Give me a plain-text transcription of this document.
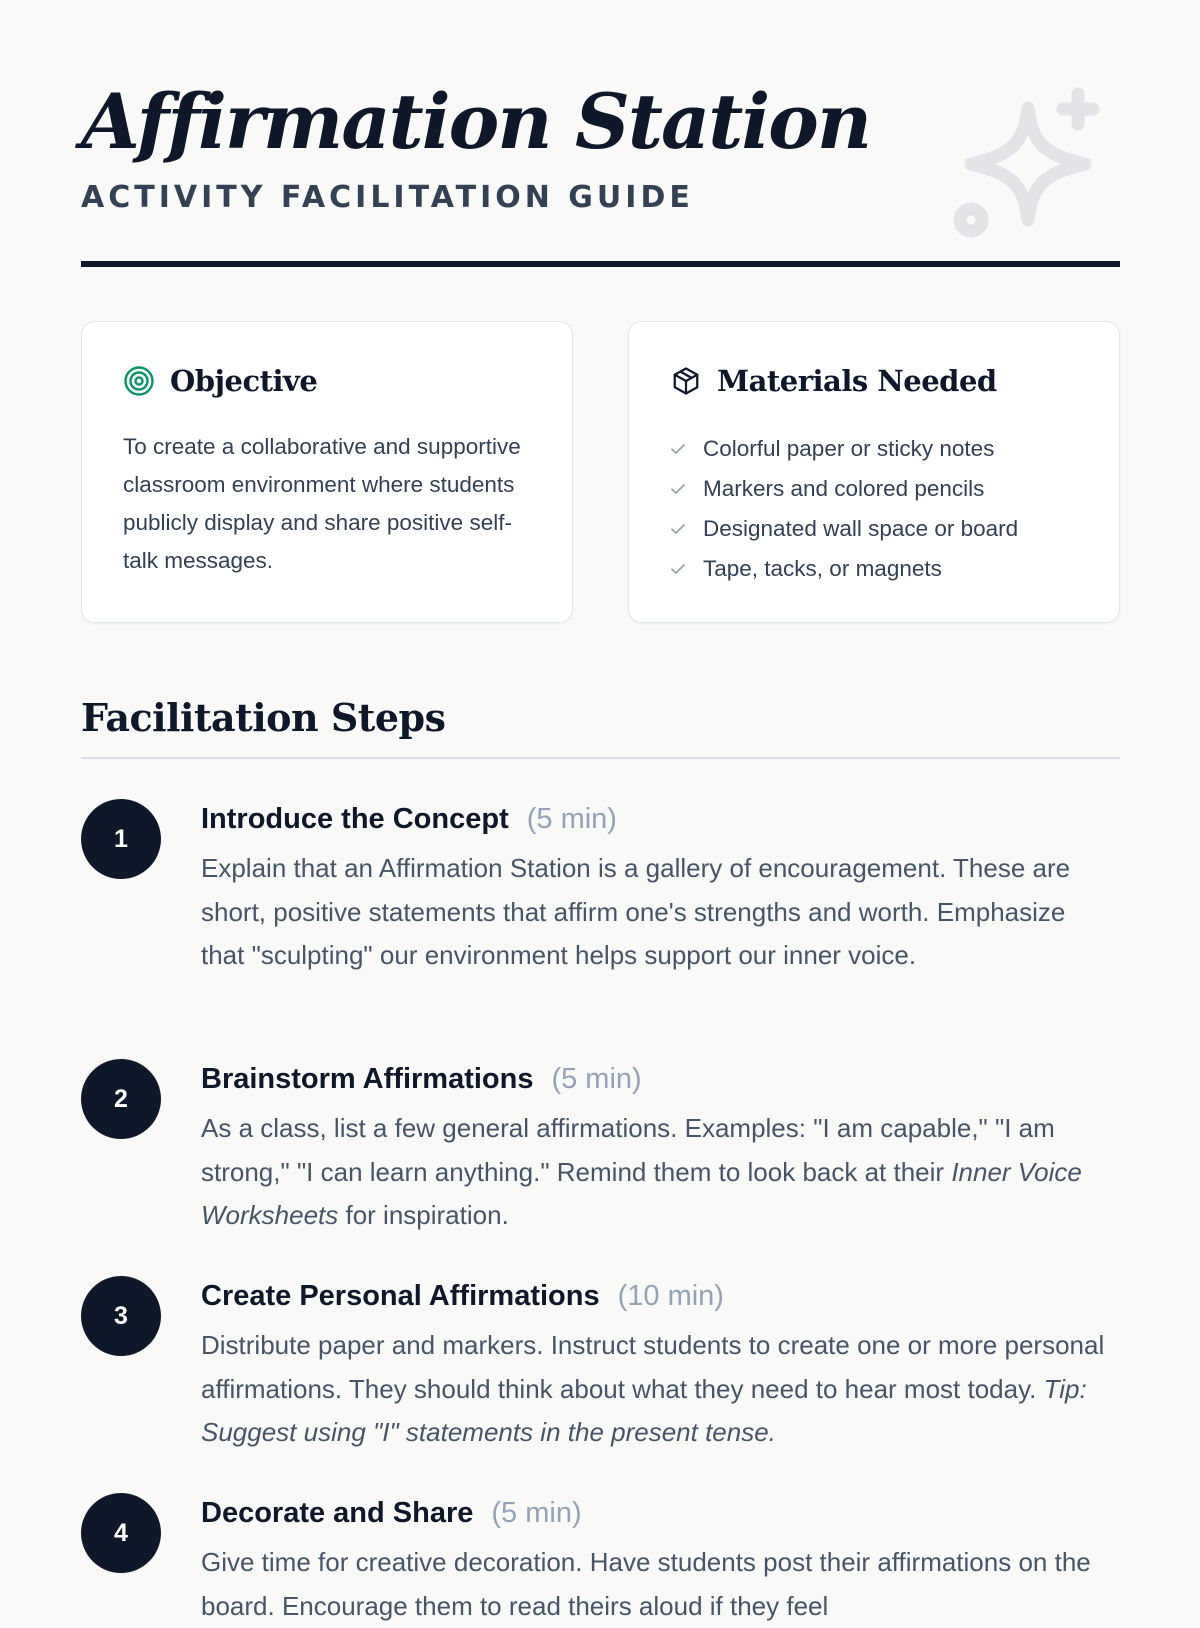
Affirmation Station
ACTIVITY FACILITATION GUIDE
Objective

To create a collaborative and supportive classroom environment where students publicly display and share positive self-talk messages.

Materials Needed
Colorful paper or sticky notes
Markers and colored pencils
Designated wall space or board
Tape, tacks, or magnets
Facilitation Steps
1
Introduce the Concept (5 min)

Explain that an Affirmation Station is a gallery of encouragement. These are short, positive statements that affirm one's strengths and worth. Emphasize that "sculpting" our environment helps support our inner voice.

2
Brainstorm Affirmations (5 min)

As a class, list a few general affirmations. Examples: "I am capable," "I am strong," "I can learn anything." Remind them to look back at their Inner Voice Worksheets for inspiration.

3
Create Personal Affirmations (10 min)

Distribute paper and markers. Instruct students to create one or more personal affirmations. They should think about what they need to hear most today. Tip: Suggest using "I" statements in the present tense.

4
Decorate and Share (5 min)

Give time for creative decoration. Have students post their affirmations on the board. Encourage them to read theirs aloud if they feel
